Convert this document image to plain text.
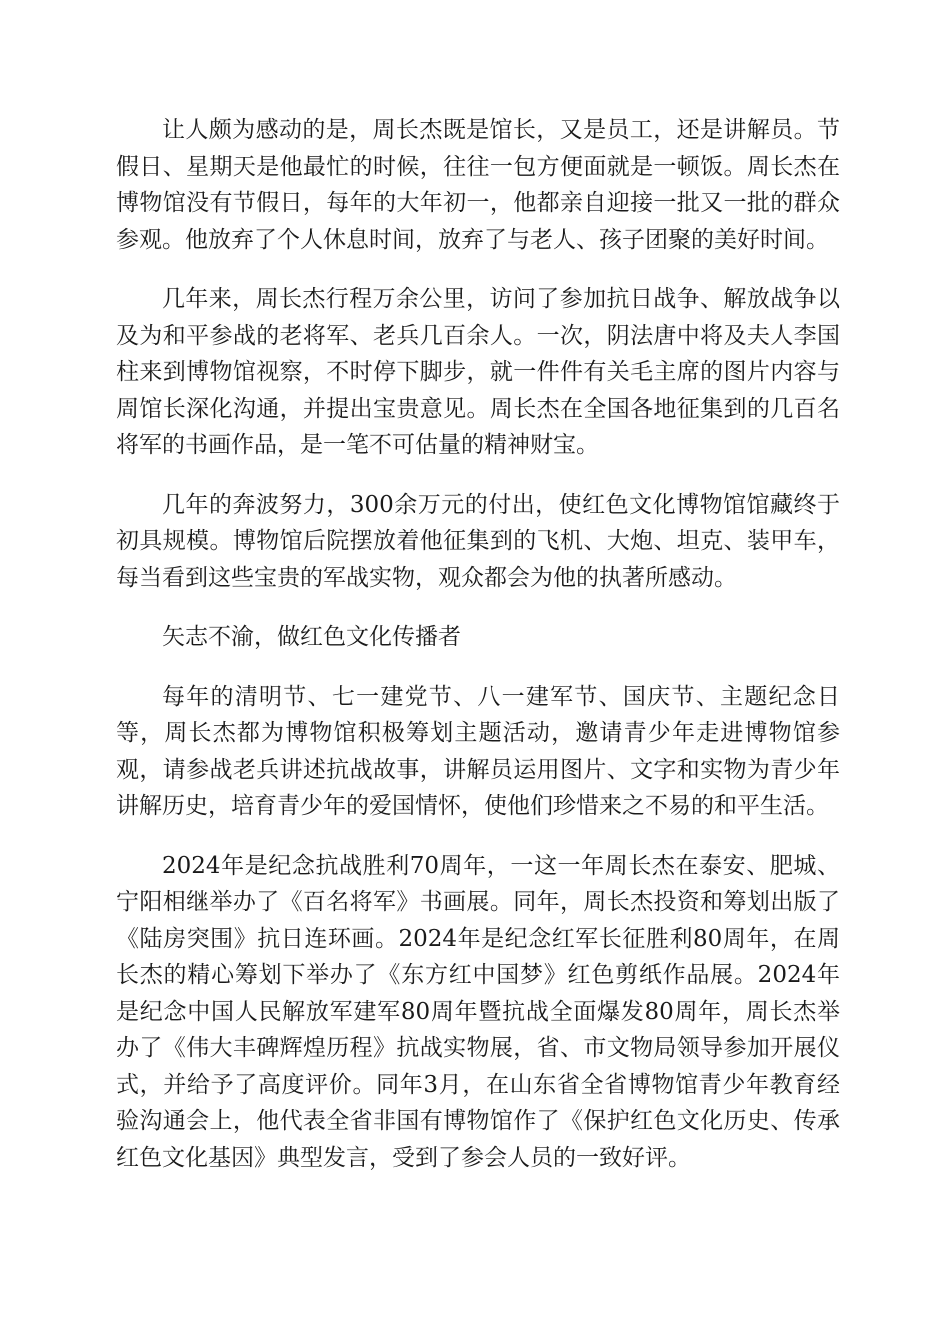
让人颇为感动的是，周长杰既是馆长，又是员工，还是讲解员。节假日、星期天是他最忙的时候，往往一包方便面就是一顿饭。周长杰在博物馆没有节假日，每年的大年初一，他都亲自迎接一批又一批的群众参观。他放弃了个人休息时间，放弃了与老人、孩子团聚的美好时间。

几年来，周长杰行程万余公里，访问了参加抗日战争、解放战争以及为和平参战的老将军、老兵几百余人。一次，阴法唐中将及夫人李国柱来到博物馆视察，不时停下脚步，就一件件有关毛主席的图片内容与周馆长深化沟通，并提出宝贵意见。周长杰在全国各地征集到的几百名将军的书画作品，是一笔不可估量的精神财宝。

几年的奔波努力，300余万元的付出，使红色文化博物馆馆藏终于初具规模。博物馆后院摆放着他征集到的飞机、大炮、坦克、装甲车，每当看到这些宝贵的军战实物，观众都会为他的执著所感动。

矢志不渝，做红色文化传播者

每年的清明节、七一建党节、八一建军节、国庆节、主题纪念日等，周长杰都为博物馆积极筹划主题活动，邀请青少年走进博物馆参观，请参战老兵讲述抗战故事，讲解员运用图片、文字和实物为青少年讲解历史，培育青少年的爱国情怀，使他们珍惜来之不易的和平生活。

2024年是纪念抗战胜利70周年，一这一年周长杰在泰安、肥城、宁阳相继举办了《百名将军》书画展。同年，周长杰投资和筹划出版了《陆房突围》抗日连环画。2024年是纪念红军长征胜利80周年，在周长杰的精心筹划下举办了《东方红中国梦》红色剪纸作品展。2024年是纪念中国人民解放军建军80周年暨抗战全面爆发80周年，周长杰举办了《伟大丰碑辉煌历程》抗战实物展，省、市文物局领导参加开展仪式，并给予了高度评价。同年3月，在山东省全省博物馆青少年教育经验沟通会上，他代表全省非国有博物馆作了《保护红色文化历史、传承红色文化基因》典型发言，受到了参会人员的一致好评。
